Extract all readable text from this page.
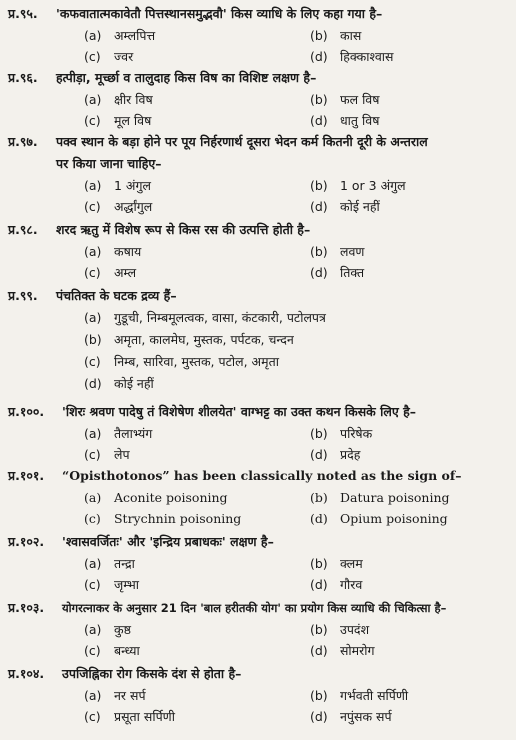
प्र.९५. 'कफवातात्मकावेतौ पित्तस्थानसमुद्भवौ' किस व्याधि के लिए कहा गया है–
(a) अम्लपित्त	(b) कास
(c) ज्वर	(d) हिक्काश्वास
प्र.९६. हत्पीड़ा, मूर्च्छा व तालुदाह किस विष का विशिष्ट लक्षण है–
(a) क्षीर विष	(b) फल विष
(c) मूल विष	(d) धातु विष
प्र.९७. पक्व स्थान के बड़ा होने पर पूय निर्हरणार्थ दूसरा भेदन कर्म कितनी दूरी के अन्तराल
पर किया जाना चाहिए–
(a) 1 अंगुल	(b) 1 or 3 अंगुल
(c) अर्द्धांगुल	(d) कोई नहीं
प्र.९८. शरद ऋतु में विशेष रूप से किस रस की उत्पत्ति होती है–
(a) कषाय	(b) लवण
(c) अम्ल	(d) तिक्त
प्र.९९. पंचतिक्त के घटक द्रव्य हैं–
(a) गुडूची, निम्बमूलत्वक, वासा, कंटकारी, पटोलपत्र
(b) अमृता, कालमेघ, मुस्तक, पर्पटक, चन्दन
(c) निम्ब, सारिवा, मुस्तक, पटोल, अमृता
(d) कोई नहीं
प्र.१००. 'शिरः श्रवण पादेषु तं विशेषेण शीलयेत' वाग्भट्ट का उक्त कथन किसके लिए है–
(a) तैलाभ्यंग	(b) परिषेक
(c) लेप	(d) प्रदेह
प्र.१०१. “Opisthotonos” has been classically noted as the sign of–
(a) Aconite poisoning	(b) Datura poisoning
(c) Strychnin poisoning	(d) Opium poisoning
प्र.१०२. 'श्वासवर्जितः' और 'इन्द्रिय प्रबाधकः' लक्षण है–
(a) तन्द्रा	(b) क्लम
(c) जृम्भा	(d) गौरव
प्र.१०३. योगरत्नाकर के अनुसार 21 दिन 'बाल हरीतकी योग' का प्रयोग किस व्याधि की चिकित्सा है–
(a) कुष्ठ	(b) उपदंश
(c) बन्ध्या	(d) सोमरोग
प्र.१०४. उपजिह्निका रोग किसके दंश से होता है–
(a) नर सर्प	(b) गर्भवती सर्पिणी
(c) प्रसूता सर्पिणी	(d) नपुंसक सर्प
